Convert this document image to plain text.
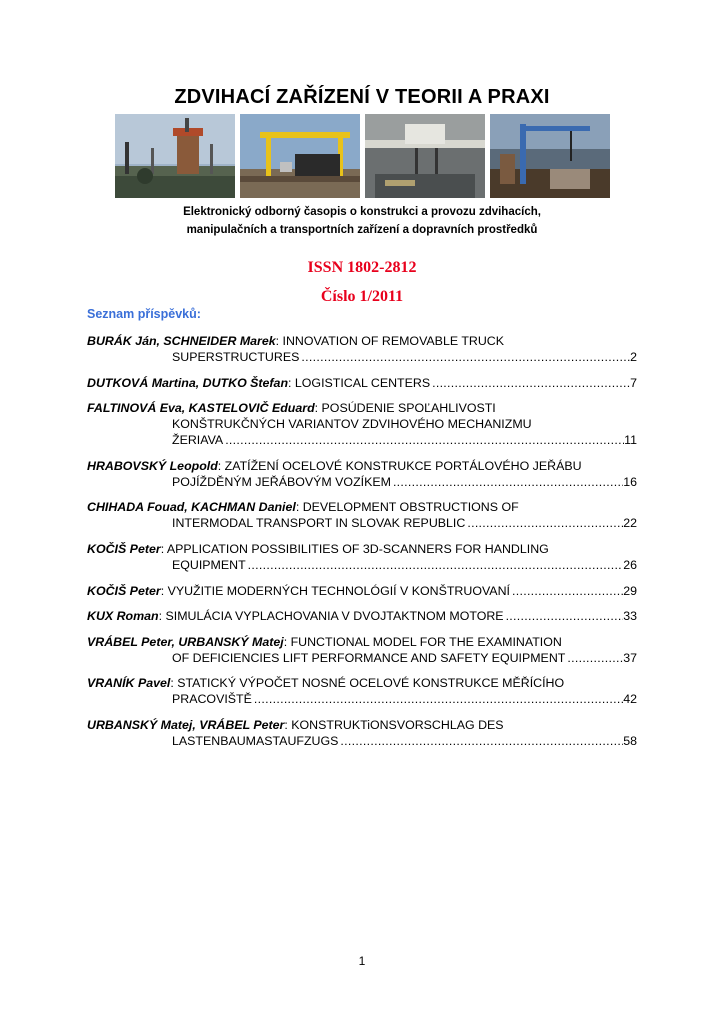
ZDVIHACÍ ZAŘÍZENÍ V TEORII A PRAXI
Elektronický odborný časopis o konstrukci a provozu zdvihacích,
manipulačních a transportních zařízení a dopravních prostředků
ISSN 1802-2812
Číslo 1/2011
Seznam příspěvků:
BURÁK Ján, SCHNEIDER Marek: INNOVATION OF REMOVABLE TRUCK
SUPERSTRUCTURES .....	2
DUTKOVÁ Martina, DUTKO Štefan: LOGISTICAL CENTERS .....	7
FALTINOVÁ Eva, KASTELOVIČ Eduard: POSÚDENIE SPOĽAHLIVOSTI
KONŠTRUKČNÝCH VARIANTOV ZDVIHOVÉHO MECHANIZMU
ŽERIAVA .....	11
HRABOVSKÝ Leopold: ZATÍŽENÍ OCELOVÉ KONSTRUKCE PORTÁLOVÉHO JEŘÁBU
POJÍŽDĚNÝM JEŘÁBOVÝM VOZÍKEM .....	16
CHIHADA Fouad, KACHMAN Daniel: DEVELOPMENT OBSTRUCTIONS OF
INTERMODAL TRANSPORT IN SLOVAK REPUBLIC .....	22
KOČIŠ Peter: APPLICATION POSSIBILITIES OF 3D-SCANNERS FOR HANDLING
EQUIPMENT .....	26
KOČIŠ Peter: VYUŽITIE MODERNÝCH TECHNOLÓGIÍ V KONŠTRUOVANÍ .....	29
KUX Roman: SIMULÁCIA VYPLACHOVANIA V DVOJTAKTNOM MOTORE .....	33
VRÁBEL Peter, URBANSKÝ Matej: FUNCTIONAL MODEL FOR THE EXAMINATION
OF DEFICIENCIES LIFT PERFORMANCE AND SAFETY EQUIPMENT .....	37
VRANÍK Pavel: STATICKÝ VÝPOČET NOSNÉ OCELOVÉ KONSTRUKCE MĚŘÍCÍHO
PRACOVIŠTĚ .....	42
URBANSKÝ Matej, VRÁBEL Peter: KONSTRUKTiONSVORSCHLAG DES
LASTENBAUMASTAUFZUGS .....	58
1
